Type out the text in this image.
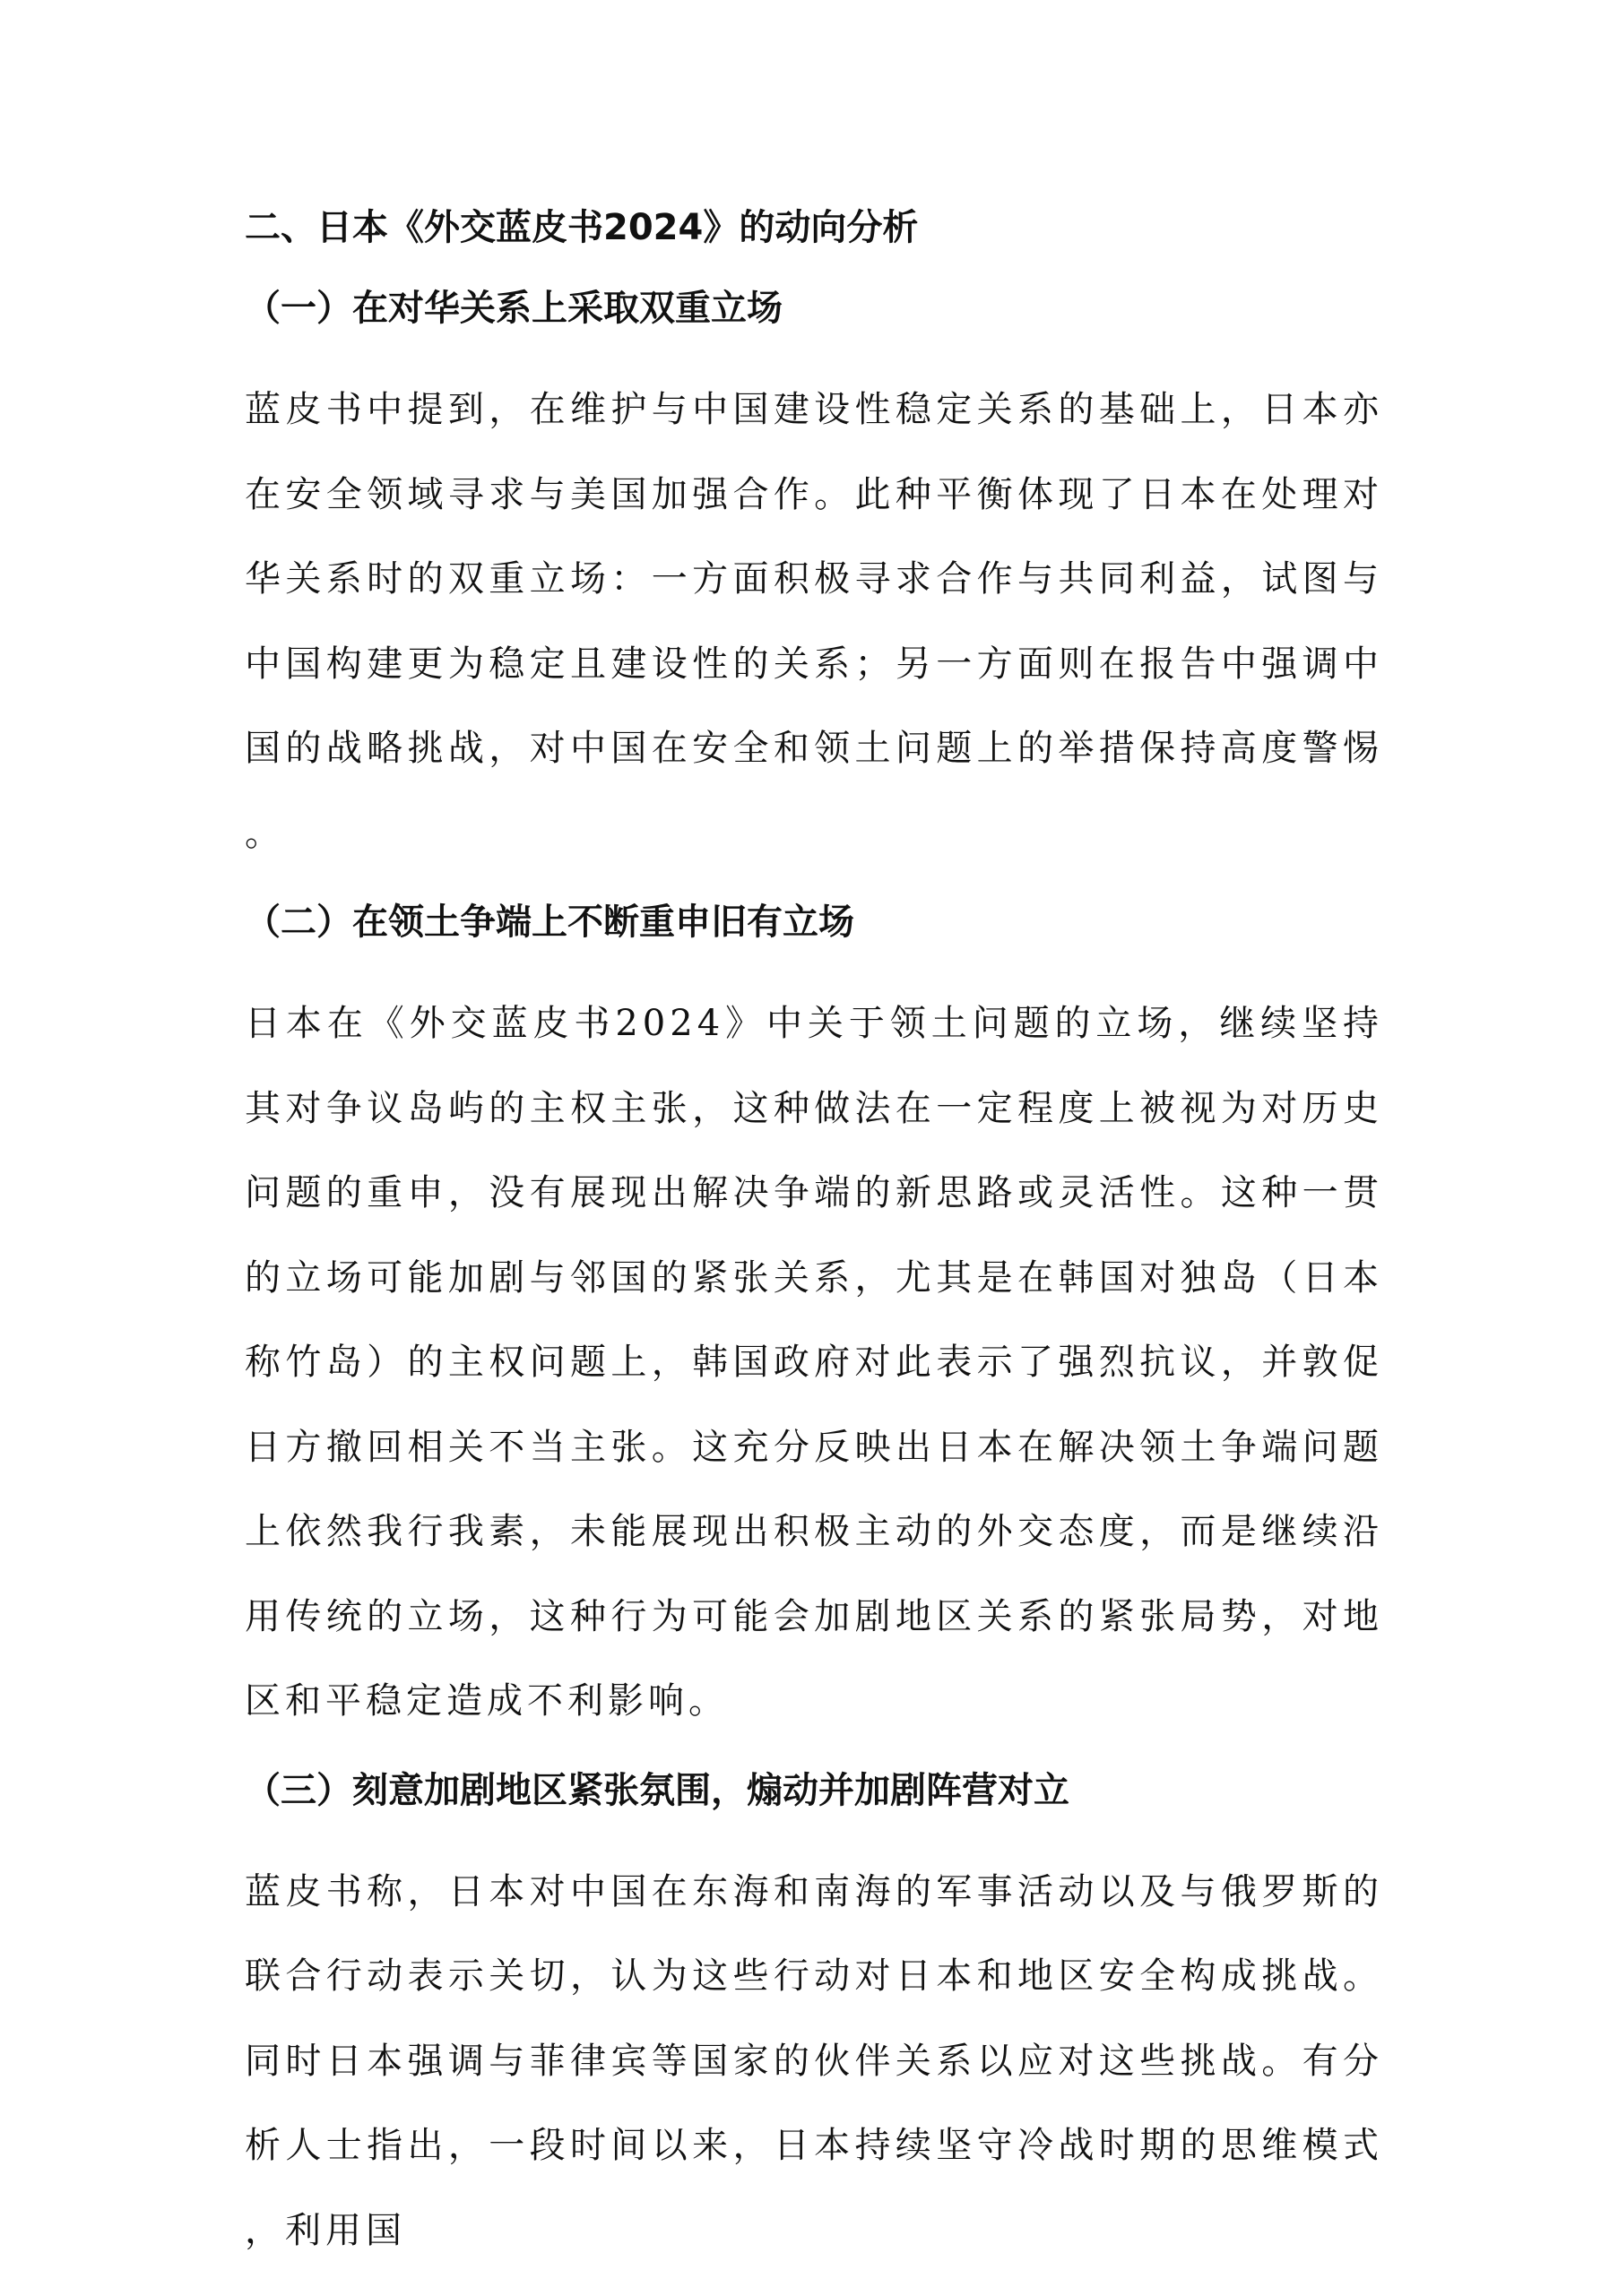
二、日本《外交蓝皮书2024》的动向分析
（一）在对华关系上采取双重立场

蓝皮书中提到，在维护与中国建设性稳定关系的基础上，日本亦在安全领域寻求与美国加强合作。此种平衡体现了日本在处理对华关系时的双重立场：一方面积极寻求合作与共同利益，试图与中国构建更为稳定且建设性的关系；另一方面则在报告中强调中国的战略挑战，对中国在安全和领土问题上的举措保持高度警惕。

（二）在领土争端上不断重申旧有立场

日本在《外交蓝皮书2024》中关于领土问题的立场，继续坚持其对争议岛屿的主权主张，这种做法在一定程度上被视为对历史问题的重申，没有展现出解决争端的新思路或灵活性。这种一贯的立场可能加剧与邻国的紧张关系，尤其是在韩国对独岛（日本称竹岛）的主权问题上，韩国政府对此表示了强烈抗议，并敦促日方撤回相关不当主张。这充分反映出日本在解决领土争端问题上依然我行我素，未能展现出积极主动的外交态度，而是继续沿用传统的立场，这种行为可能会加剧地区关系的紧张局势，对地区和平稳定造成不利影响。

（三）刻意加剧地区紧张氛围，煽动并加剧阵营对立

蓝皮书称，日本对中国在东海和南海的军事活动以及与俄罗斯的联合行动表示关切，认为这些行动对日本和地区安全构成挑战。同时日本强调与菲律宾等国家的伙伴关系以应对这些挑战。有分析人士指出，一段时间以来，日本持续坚守冷战时期的思维模式，利用国
